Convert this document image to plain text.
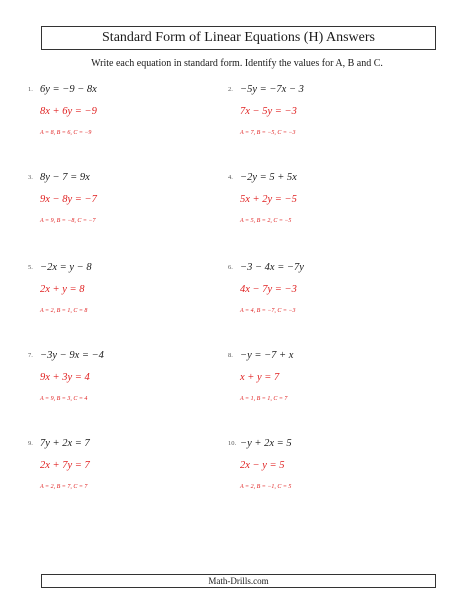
Standard Form of Linear Equations (H) Answers
Write each equation in standard form. Identify the values for A, B and C.
1. 6y = −9 − 8x
8x + 6y = −9
A = 8, B = 6, C = −9
2. −5y = −7x − 3
7x − 5y = −3
A = 7, B = −5, C = −3
3. 8y − 7 = 9x
9x − 8y = −7
A = 9, B = −8, C = −7
4. −2y = 5 + 5x
5x + 2y = −5
A = 5, B = 2, C = −5
5. −2x = y − 8
2x + y = 8
A = 2, B = 1, C = 8
6. −3 − 4x = −7y
4x − 7y = −3
A = 4, B = −7, C = −3
7. −3y − 9x = −4
9x + 3y = 4
A = 9, B = 3, C = 4
8. −y = −7 + x
x + y = 7
A = 1, B = 1, C = 7
9. 7y + 2x = 7
2x + 7y = 7
A = 2, B = 7, C = 7
10. −y + 2x = 5
2x − y = 5
A = 2, B = −1, C = 5
Math-Drills.com
